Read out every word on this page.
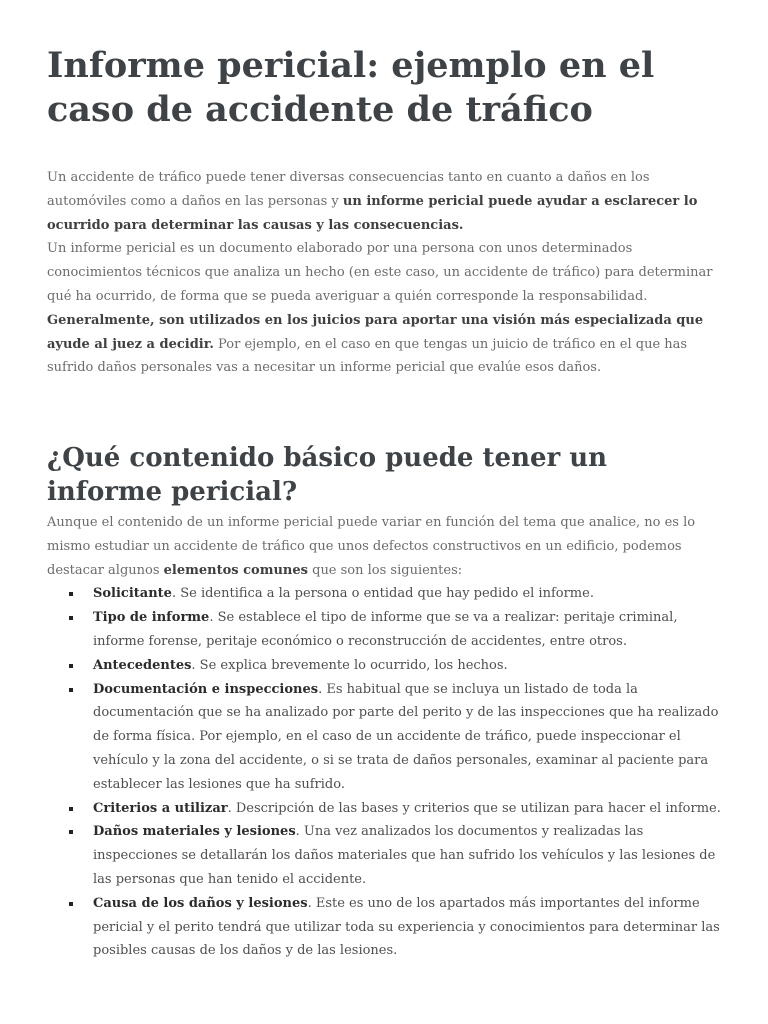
Informe pericial: ejemplo en el caso de accidente de tráfico

Un accidente de tráfico puede tener diversas consecuencias tanto en cuanto a daños en los automóviles como a daños en las personas y un informe pericial puede ayudar a esclarecer lo ocurrido para determinar las causas y las consecuencias.

Un informe pericial es un documento elaborado por una persona con unos determinados conocimientos técnicos que analiza un hecho (en este caso, un accidente de tráfico) para determinar qué ha ocurrido, de forma que se pueda averiguar a quién corresponde la responsabilidad.

Generalmente, son utilizados en los juicios para aportar una visión más especializada que ayude al juez a decidir. Por ejemplo, en el caso en que tengas un juicio de tráfico en el que has sufrido daños personales vas a necesitar un informe pericial que evalúe esos daños.

¿Qué contenido básico puede tener un informe pericial?

Aunque el contenido de un informe pericial puede variar en función del tema que analice, no es lo mismo estudiar un accidente de tráfico que unos defectos constructivos en un edificio, podemos destacar algunos elementos comunes que son los siguientes:

Solicitante. Se identifica a la persona o entidad que hay pedido el informe.
Tipo de informe. Se establece el tipo de informe que se va a realizar: peritaje criminal, informe forense, peritaje económico o reconstrucción de accidentes, entre otros.
Antecedentes. Se explica brevemente lo ocurrido, los hechos.
Documentación e inspecciones. Es habitual que se incluya un listado de toda la documentación que se ha analizado por parte del perito y de las inspecciones que ha realizado de forma física. Por ejemplo, en el caso de un accidente de tráfico, puede inspeccionar el vehículo y la zona del accidente, o si se trata de daños personales, examinar al paciente para establecer las lesiones que ha sufrido.
Criterios a utilizar. Descripción de las bases y criterios que se utilizan para hacer el informe.
Daños materiales y lesiones. Una vez analizados los documentos y realizadas las inspecciones se detallarán los daños materiales que han sufrido los vehículos y las lesiones de las personas que han tenido el accidente.
Causa de los daños y lesiones. Este es uno de los apartados más importantes del informe pericial y el perito tendrá que utilizar toda su experiencia y conocimientos para determinar las posibles causas de los daños y de las lesiones.
